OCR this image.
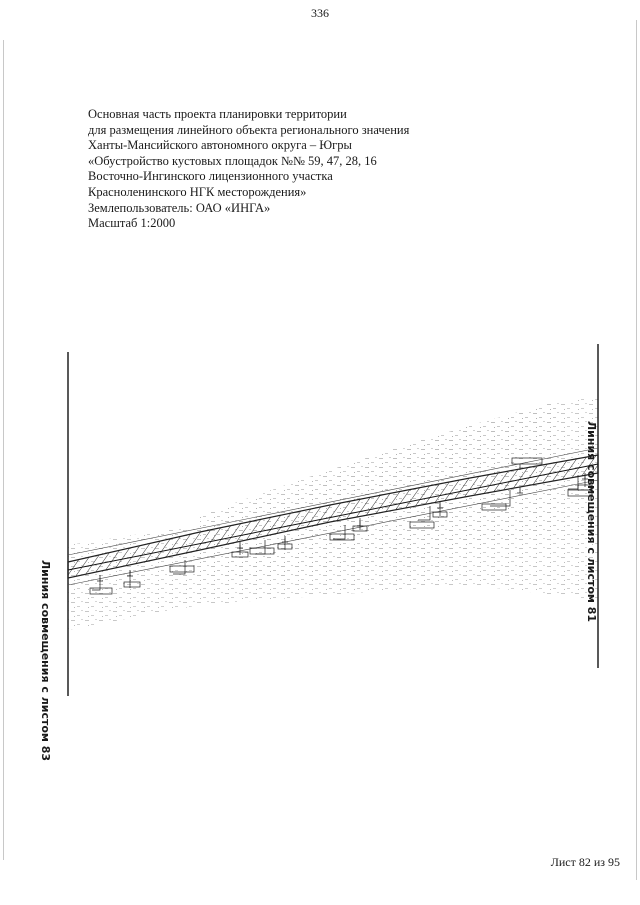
336
Основная часть проекта планировки территории
для размещения линейного объекта регионального значения
Ханты-Мансийского автономного округа – Югры
«Обустройство кустовых площадок №№ 59, 47, 28, 16
Восточно-Ингинского лицензионного участка
Красноленинского НГК месторождения»
Землепользователь: ОАО «ИНГА»
Масштаб 1:2000
Линия совмещения с листом 83
Линия совмещения с листом 81
Лист 82 из 95
